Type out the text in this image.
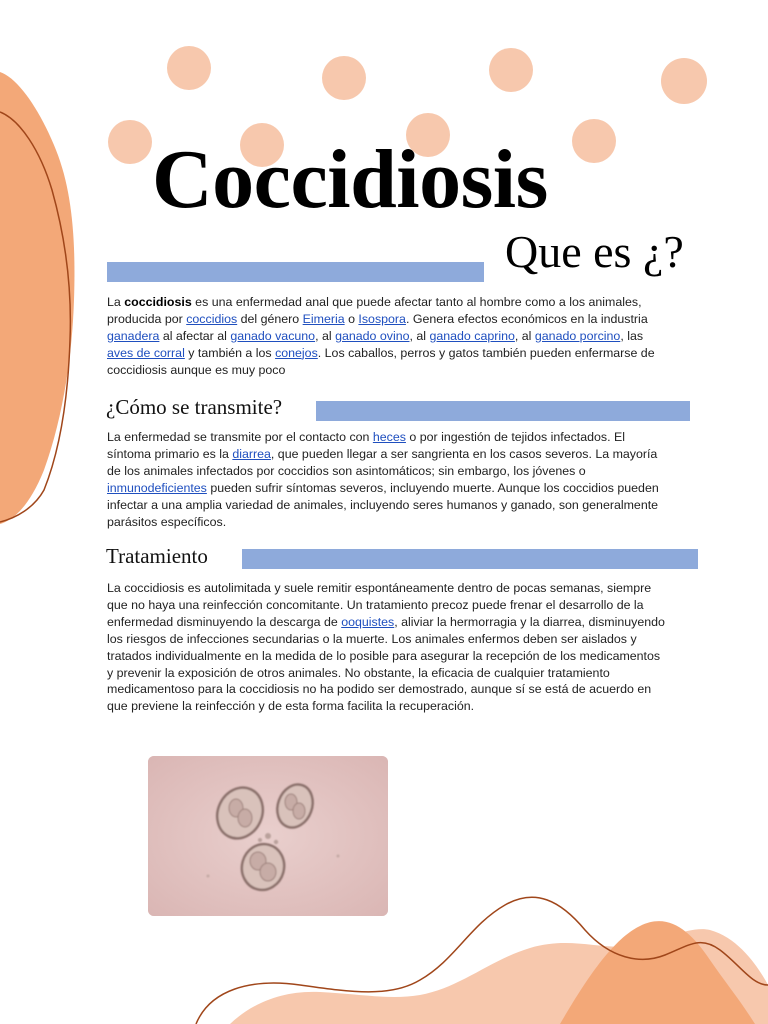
Coccidiosis
Que es ¿?

La coccidiosis es una enfermedad anal que puede afectar tanto al hombre como a los animales, producida por coccidios del género Eimeria o Isospora. Genera efectos económicos en la industria ganadera al afectar al ganado vacuno, al ganado ovino, al ganado caprino, al ganado porcino, las aves de corral y también a los conejos. Los caballos, perros y gatos también pueden enfermarse de coccidiosis aunque es muy poco

¿Cómo se transmite?

La enfermedad se transmite por el contacto con heces o por ingestión de tejidos infectados. El síntoma primario es la diarrea, que pueden llegar a ser sangrienta en los casos severos. La mayoría de los animales infectados por coccidios son asintomáticos; sin embargo, los jóvenes o inmunodeficientes pueden sufrir síntomas severos, incluyendo muerte. Aunque los coccidios pueden infectar a una amplia variedad de animales, incluyendo seres humanos y ganado, son generalmente parásitos específicos.

Tratamiento

La coccidiosis es autolimitada y suele remitir espontáneamente dentro de pocas semanas, siempre que no haya una reinfección concomitante. Un tratamiento precoz puede frenar el desarrollo de la enfermedad disminuyendo la descarga de ooquistes, aliviar la hermorragia y la diarrea, disminuyendo los riesgos de infecciones secundarias o la muerte. Los animales enfermos deben ser aislados y tratados individualmente en la medida de lo posible para asegurar la recepción de los medicamentos y prevenir la exposición de otros animales. No obstante, la eficacia de cualquier tratamiento medicamentoso para la coccidiosis no ha podido ser demostrado, aunque sí se está de acuerdo en que previene la reinfección y de esta forma facilita la recuperación.
